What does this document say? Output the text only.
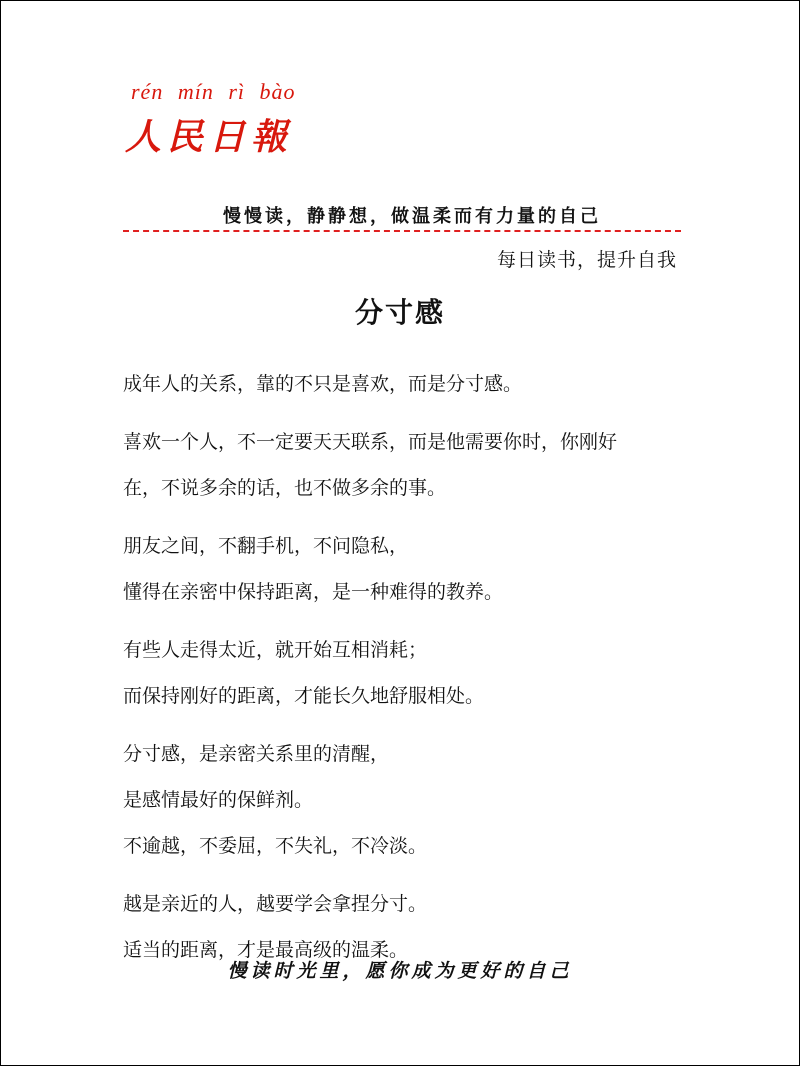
rén mín rì bào
人民日報
慢慢读，静静想，做温柔而有力量的自己
每日读书，提升自我
分寸感
成年人的关系，靠的不只是喜欢，而是分寸感。
喜欢一个人，不一定要天天联系，而是他需要你时，你刚好
在，不说多余的话，也不做多余的事。
朋友之间，不翻手机，不问隐私，
懂得在亲密中保持距离，是一种难得的教养。
有些人走得太近，就开始互相消耗；
而保持刚好的距离，才能长久地舒服相处。
分寸感，是亲密关系里的清醒，
是感情最好的保鲜剂。
不逾越，不委屈，不失礼，不冷淡。
越是亲近的人，越要学会拿捏分寸。
适当的距离，才是最高级的温柔。
慢读时光里，愿你成为更好的自己
